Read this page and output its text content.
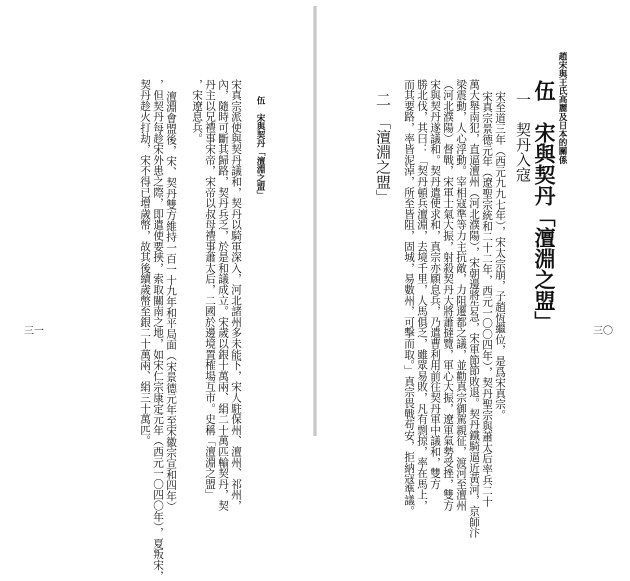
趙宋與王氏高麗及日本的關係
伍　宋與契丹「澶淵之盟」
一　契丹入寇
宋至道三年（西元九九七年），宋太宗崩，子趙恆繼位，是爲宋真宗。
宋真宗景德元年（遼聖宗統和二十二年，西元一〇〇四年），契丹聖宗與蕭太后率兵二十
萬大舉南犯，直逼澶州（河北濮陽），宋朝邊將告急，宋軍節節敗退。契丹鐵騎逼近黃河，京師汴
梁震動，人心浮動。宰相寇準等力主抗敵，力阻遷都之議，並勸真宗御駕親征，渡河至澶州
（河北濮陽）督戰，宋軍士氣大振，射殺契丹大將蕭撻覽，軍心大振，遼軍氣勢受挫，雙方
宋與契丹遂議和。契丹遣使求和，真宗亦願息兵，乃遣曹利用前往契丹軍中議和，雙方
勝北伐，其曰：「契丹頓兵澶淵，去境千里，人馬俱乏，雖眾易敗，凡有剽掠，率在馬上，
而其要路，率皆泥淖，所至皆阻，固城，易數州，可擊而取。」真宗畏戰苟安，拒納寇準議。
二　「澶淵之盟」
三〇
伍　宋與契丹「澶淵之盟」
宋真宗派使與契丹議和，契丹以騎軍深入，河北諸州多未能下，宋人駐保州、澶州、祁州，
內，隨時可斷其歸路，契丹兵乏，於是和議成立。宋歲以銀十萬兩、絹二十萬匹輸契丹，契
丹主以兄禮事宋帝，宋帝以叔母禮事蕭太后，二國於邊境置榷場互市。史稱「澶淵之盟」
，宋遼息兵。
澶淵會盟後，宋、契丹雙方維持一百一十九年和平局面（宋景德元年至宋徽宗宣和四年）
，但契丹每趁宋外患之際，即遣使要挾，索取關南之地，如宋仁宗康定元年（西元一〇四〇年），夏叛宋，
契丹趁火打劫，宋不得已增歲幣，故其後續歲幣至銀二十萬兩、絹三十萬匹。
三一
